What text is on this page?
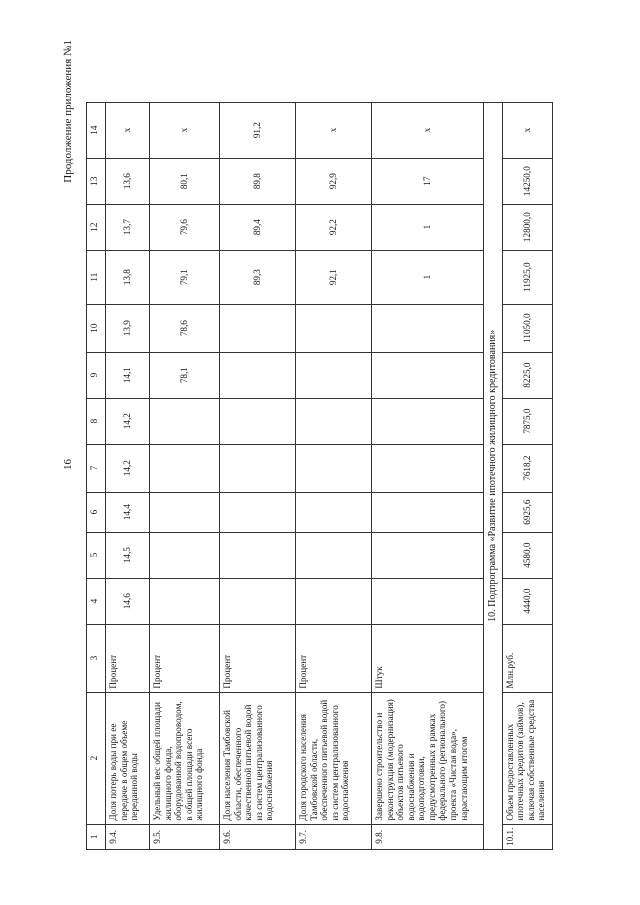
Продолжение приложения №1
16
1	2	3	4	5	6	7	8	9	10	11	12	13	14
9.4.	Доля потерь воды при ее передаче в общем объеме переданной воды	Процент	14,6	14,5	14,4	14,2	14,2	14,1	13,9	13,8	13,7	13,6	х
9.5.	Удельный вес общей площади жилищного фонда, оборудованной водопроводом, в общей площади всего жилищного фонда	Процент						78,1	78,6	79,1	79,6	80,1	х
9.6.	Доля населения Тамбовской области, обеспеченного качественной питьевой водой из систем централизованного водоснабжения	Процент								89,3	89,4	89,8	91,2
9.7.	Доля городского населения Тамбовской области, обеспеченного питьевой водой из систем централизованного водоснабжения	Процент								92,1	92,2	92,9	х
9.8.	Завершено строительство и реконструкция (модернизация) объектов питьевого водоснабжения и водоподготовки, предусмотренных в рамках федерального (регионального) проекта «Чистая вода», нарастающим итогом	Штук								1	1	17	х
10. Подпрограмма «Развитие ипотечного жилищного кредитования»													
10.1.	Объем предоставленных ипотечных кредитов (займов), включая собственные средства населения	Млн.руб.	4440,0	4580,0	6925,6	7618,2	7875,0	8225,0	11050,0	11925,0	12800,0	14250,0	х
